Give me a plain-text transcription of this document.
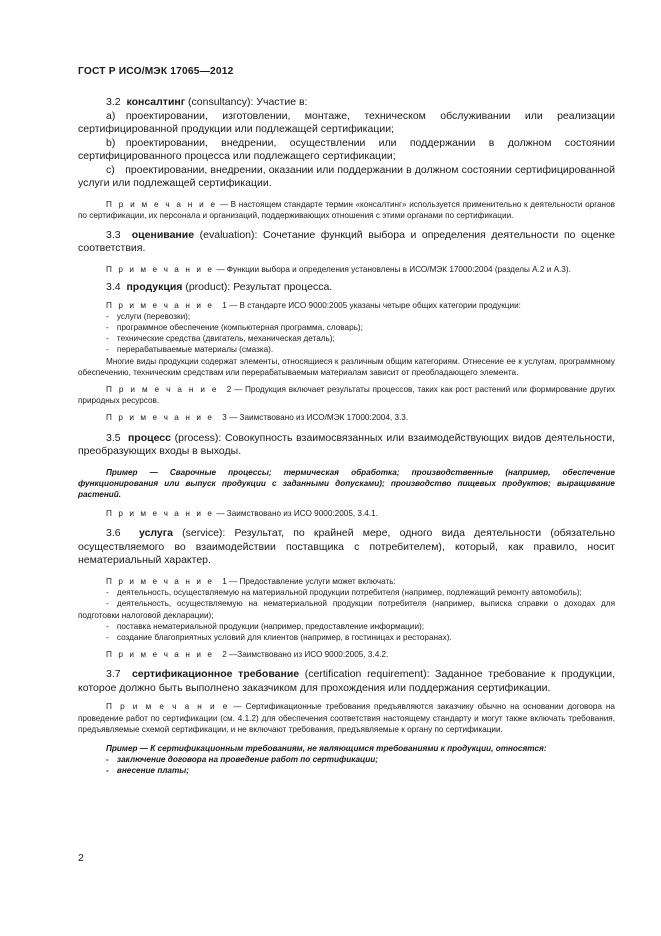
ГОСТ Р ИСО/МЭК 17065—2012

3.2 консалтинг (consultancy): Участие в:

a) проектировании, изготовлении, монтаже, техническом обслуживании или реализации сертифицированной продукции или подлежащей сертификации;

b) проектировании, внедрении, осуществлении или поддержании в должном состоянии сертифицированного процесса или подлежащего сертификации;

c) проектировании, внедрении, оказании или поддержании в должном состоянии сертифицированной услуги или подлежащей сертификации.

П р и м е ч а н и е — В настоящем стандарте термин «консалтинг» используется применительно к деятельности органов по сертификации, их персонала и организаций, поддерживающих отношения с этими органами по сертификации.

3.3 оценивание (evaluation): Сочетание функций выбора и определения деятельности по оценке соответствия.

П р и м е ч а н и е — Функции выбора и определения установлены в ИСО/МЭК 17000:2004 (разделы А.2 и А.3).

3.4 продукция (product): Результат процесса.

П р и м е ч а н и е 1 — В стандарте ИСО 9000:2005 указаны четыре общих категории продукции:

- услуги (перевозки);

- программное обеспечение (компьютерная программа, словарь);

- технические средства (двигатель, механическая деталь);

- перерабатываемые материалы (смазка).

Многие виды продукции содержат элементы, относящиеся к различным общим категориям. Отнесение ее к услугам, программному обеспечению, техническим средствам или перерабатываемым материалам зависит от преобладающего элемента.

П р и м е ч а н и е 2 — Продукция включает результаты процессов, таких как рост растений или формирование других природных ресурсов.

П р и м е ч а н и е 3 — Заимствовано из ИСО/МЭК 17000:2004, 3.3.

3.5 процесс (process): Совокупность взаимосвязанных или взаимодействующих видов деятельности, преобразующих входы в выходы.

Пример — Сварочные процессы; термическая обработка; производственные (например, обеспечение функционирования или выпуск продукции с заданными допусками); производство пищевых продуктов; выращивание растений.

П р и м е ч а н и е — Заимствовано из ИСО 9000:2005, 3.4.1.

3.6 услуга (service): Результат, по крайней мере, одного вида деятельности (обязательно осуществляемого во взаимодействии поставщика с потребителем), который, как правило, носит нематериальный характер.

П р и м е ч а н и е 1 — Предоставление услуги может включать:

- деятельность, осуществляемую на материальной продукции потребителя (например, подлежащий ремонту автомобиль);

- деятельность, осуществляемую на нематериальной продукции потребителя (например, выписка справки о доходах для подготовки налоговой декларации);

- поставка нематериальной продукции (например, предоставление информации);

- создание благоприятных условий для клиентов (например, в гостиницах и ресторанах).

П р и м е ч а н и е 2 —Заимствовано из ИСО 9000:2005, 3.4.2.

3.7 сертификационное требование (certification requirement): Заданное требование к продукции, которое должно быть выполнено заказчиком для прохождения или поддержания сертификации.

П р и м е ч а н и е — Сертификационные требования предъявляются заказчику обычно на основании договора на проведение работ по сертификации (см. 4.1.2) для обеспечения соответствия настоящему стандарту и могут также включать требования, предъявляемые схемой сертификации, и не включают требования, предъявляемые к органу по сертификации.

Пример — К сертификационным требованиям, не являющимся требованиями к продукции, относятся:

- заключение договора на проведение работ по сертификации;

- внесение платы;

2
